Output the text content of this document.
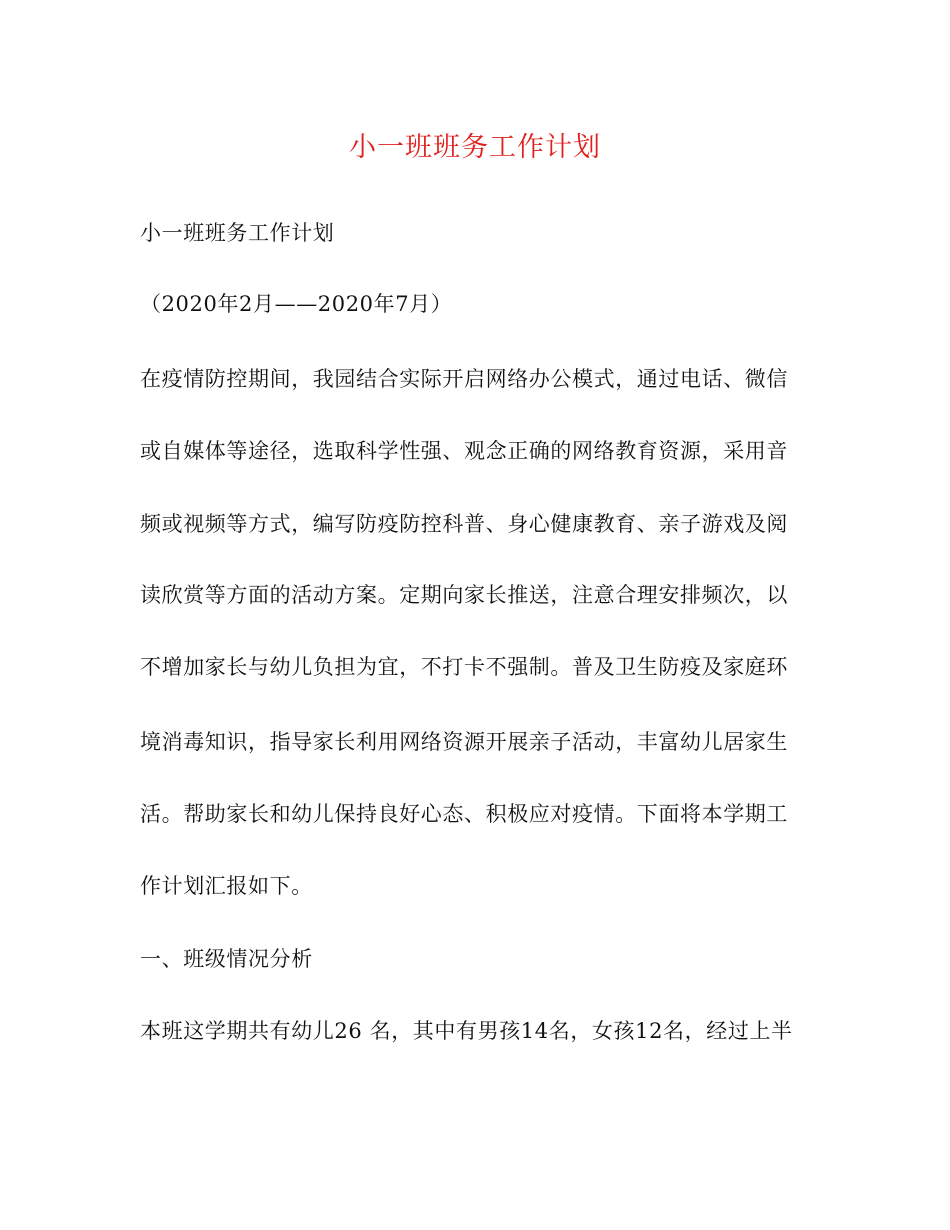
小一班班务工作计划
小一班班务工作计划
（2020年2月——2020年7月）
在疫情防控期间，我园结合实际开启网络办公模式，通过电话、微信
或自媒体等途径，选取科学性强、观念正确的网络教育资源，采用音
频或视频等方式，编写防疫防控科普、身心健康教育、亲子游戏及阅
读欣赏等方面的活动方案。定期向家长推送，注意合理安排频次，以
不增加家长与幼儿负担为宜，不打卡不强制。普及卫生防疫及家庭环
境消毒知识，指导家长利用网络资源开展亲子活动，丰富幼儿居家生
活。帮助家长和幼儿保持良好心态、积极应对疫情。下面将本学期工
作计划汇报如下。
一、班级情况分析
本班这学期共有幼儿26 名，其中有男孩14名，女孩12名，经过上半
